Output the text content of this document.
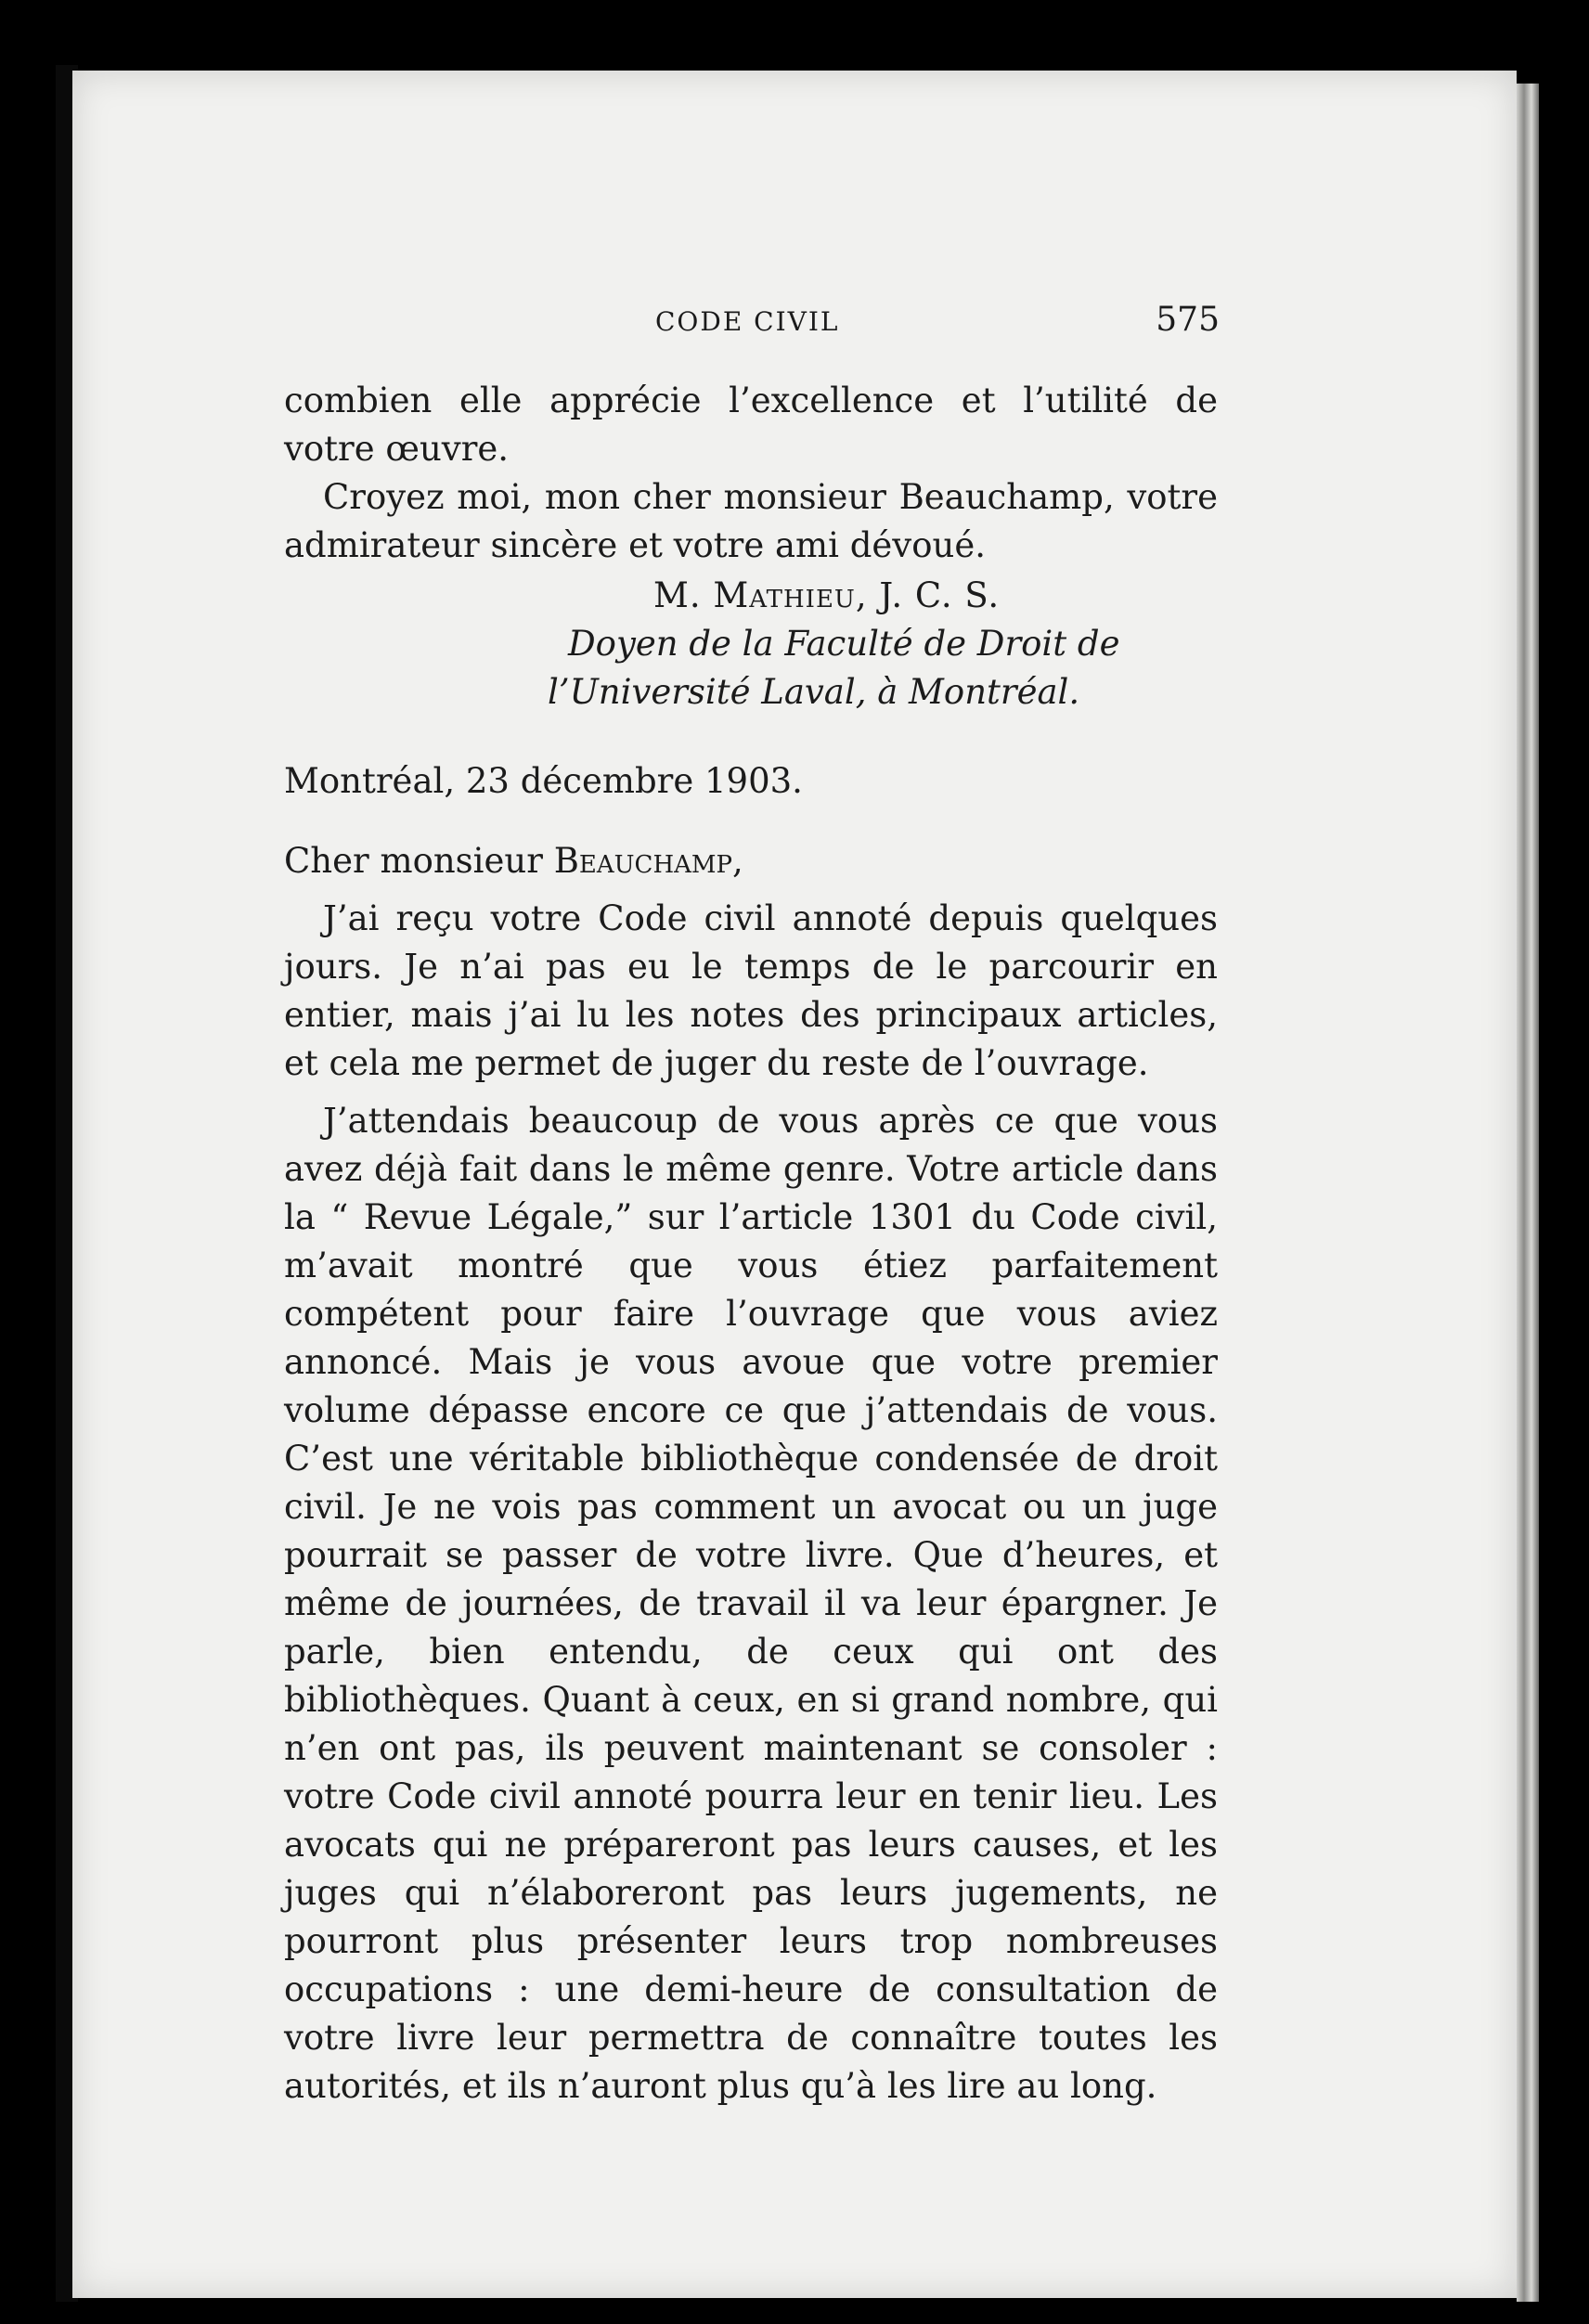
CODE CIVIL	575

combien elle apprécie l’excellence et l’utilité de votre œuvre.

Croyez moi, mon cher monsieur Beauchamp, votre admirateur sincère et votre ami dévoué.

M. Mathieu, J. C. S.

Doyen de la Faculté de Droit de

l’Université Laval, à Montréal.

Montréal, 23 décembre 1903.

Cher monsieur Beauchamp,

J’ai reçu votre Code civil annoté depuis quelques jours. Je n’ai pas eu le temps de le parcourir en entier, mais j’ai lu les notes des principaux articles, et cela me permet de juger du reste de l’ouvrage.

J’attendais beaucoup de vous après ce que vous avez déjà fait dans le même genre. Votre article dans la “ Revue Légale,” sur l’article 1301 du Code civil, m’avait montré que vous étiez parfaitement compétent pour faire l’ouvrage que vous aviez annoncé. Mais je vous avoue que votre premier volume dépasse encore ce que j’attendais de vous. C’est une véritable bibliothèque condensée de droit civil. Je ne vois pas comment un avocat ou un juge pourrait se passer de votre livre. Que d’heures, et même de journées, de travail il va leur épargner. Je parle, bien entendu, de ceux qui ont des bibliothèques. Quant à ceux, en si grand nombre, qui n’en ont pas, ils peuvent maintenant se consoler : votre Code civil annoté pourra leur en tenir lieu. Les avocats qui ne prépareront pas leurs causes, et les juges qui n’élaboreront pas leurs jugements, ne pourront plus présenter leurs trop nombreuses occupations : une demi-heure de consultation de votre livre leur permettra de connaître toutes les autorités, et ils n’auront plus qu’à les lire au long.
